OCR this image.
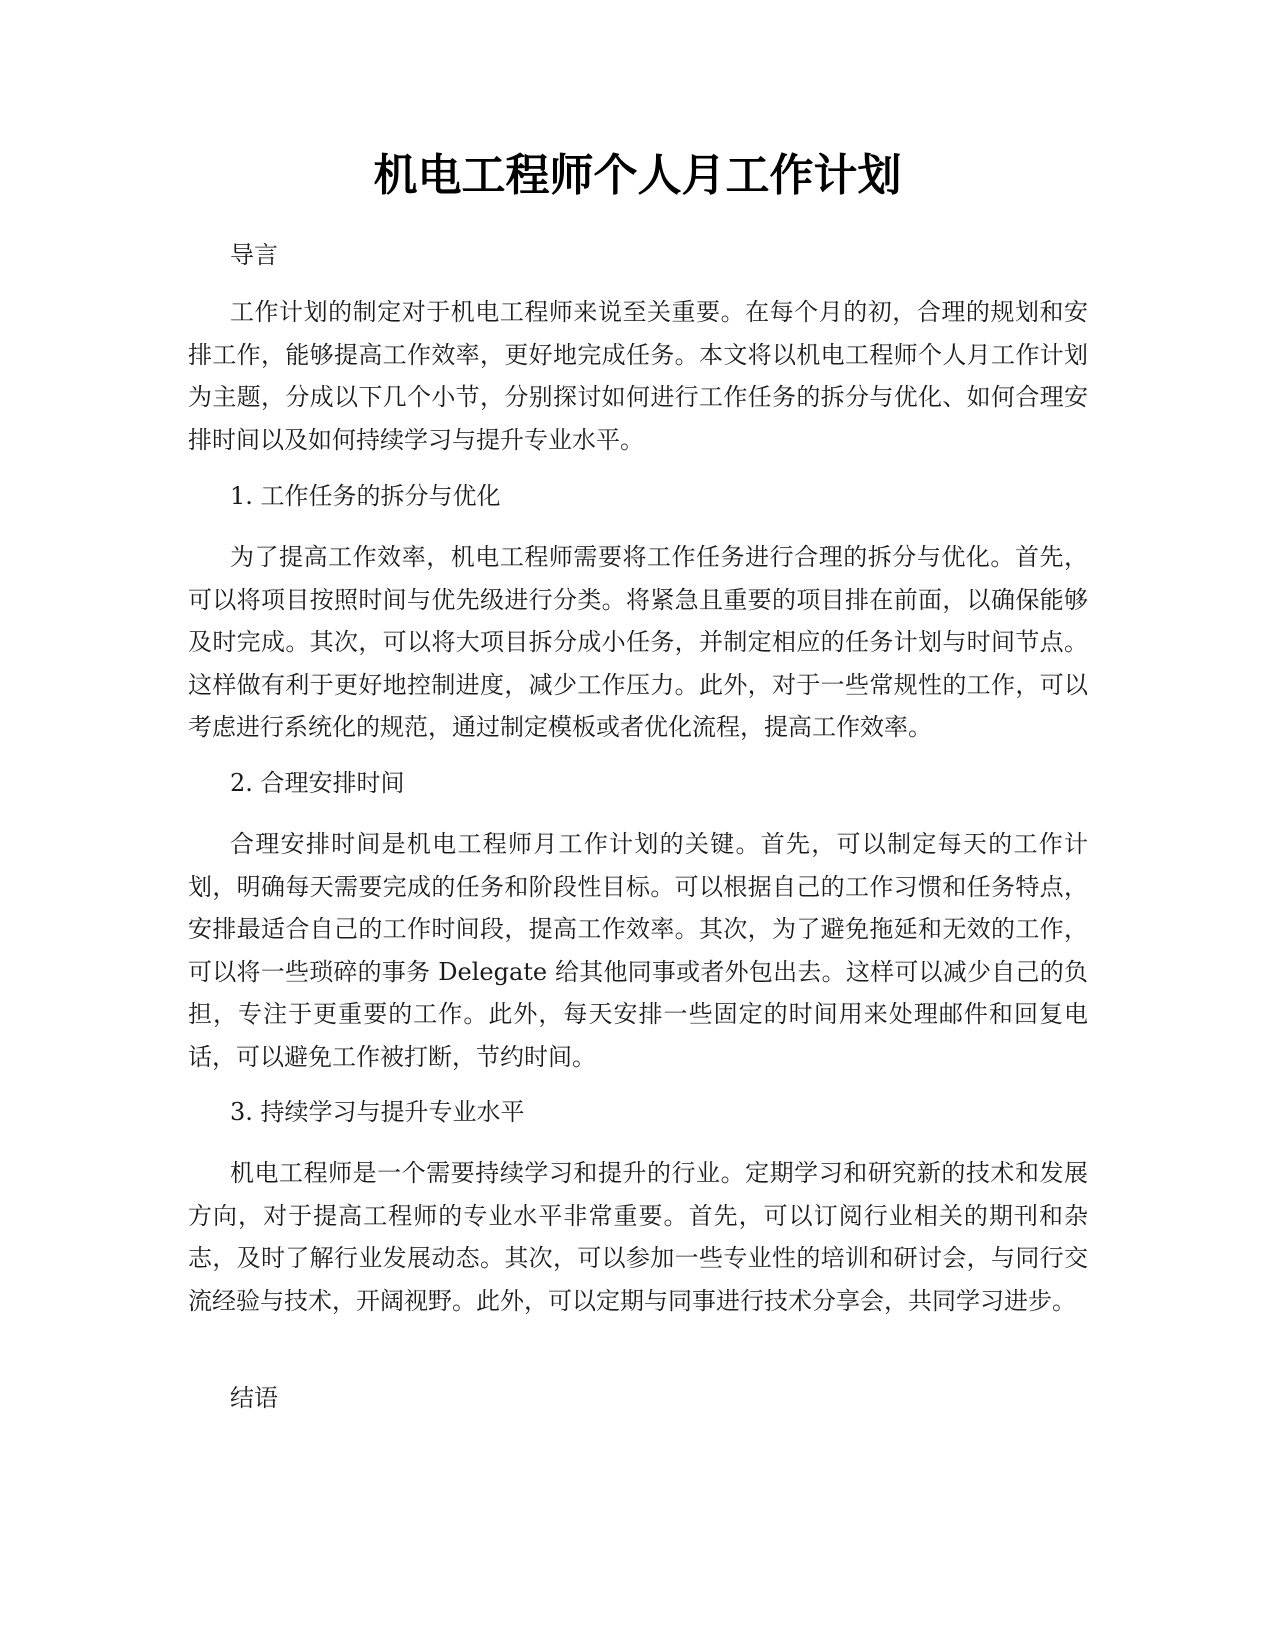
机电工程师个人月工作计划

导言

工作计划的制定对于机电工程师来说至关重要。在每个月的初，合理的规划和安排工作，能够提高工作效率，更好地完成任务。本文将以机电工程师个人月工作计划为主题，分成以下几个小节，分别探讨如何进行工作任务的拆分与优化、如何合理安排时间以及如何持续学习与提升专业水平。

1. 工作任务的拆分与优化

为了提高工作效率，机电工程师需要将工作任务进行合理的拆分与优化。首先，可以将项目按照时间与优先级进行分类。将紧急且重要的项目排在前面，以确保能够及时完成。其次，可以将大项目拆分成小任务，并制定相应的任务计划与时间节点。这样做有利于更好地控制进度，减少工作压力。此外，对于一些常规性的工作，可以考虑进行系统化的规范，通过制定模板或者优化流程，提高工作效率。

2. 合理安排时间

合理安排时间是机电工程师月工作计划的关键。首先，可以制定每天的工作计划，明确每天需要完成的任务和阶段性目标。可以根据自己的工作习惯和任务特点，安排最适合自己的工作时间段，提高工作效率。其次，为了避免拖延和无效的工作，可以将一些琐碎的事务 Delegate 给其他同事或者外包出去。这样可以减少自己的负担，专注于更重要的工作。此外，每天安排一些固定的时间用来处理邮件和回复电话，可以避免工作被打断，节约时间。

3. 持续学习与提升专业水平

机电工程师是一个需要持续学习和提升的行业。定期学习和研究新的技术和发展方向，对于提高工程师的专业水平非常重要。首先，可以订阅行业相关的期刊和杂志，及时了解行业发展动态。其次，可以参加一些专业性的培训和研讨会，与同行交流经验与技术，开阔视野。此外，可以定期与同事进行技术分享会，共同学习进步。

结语
